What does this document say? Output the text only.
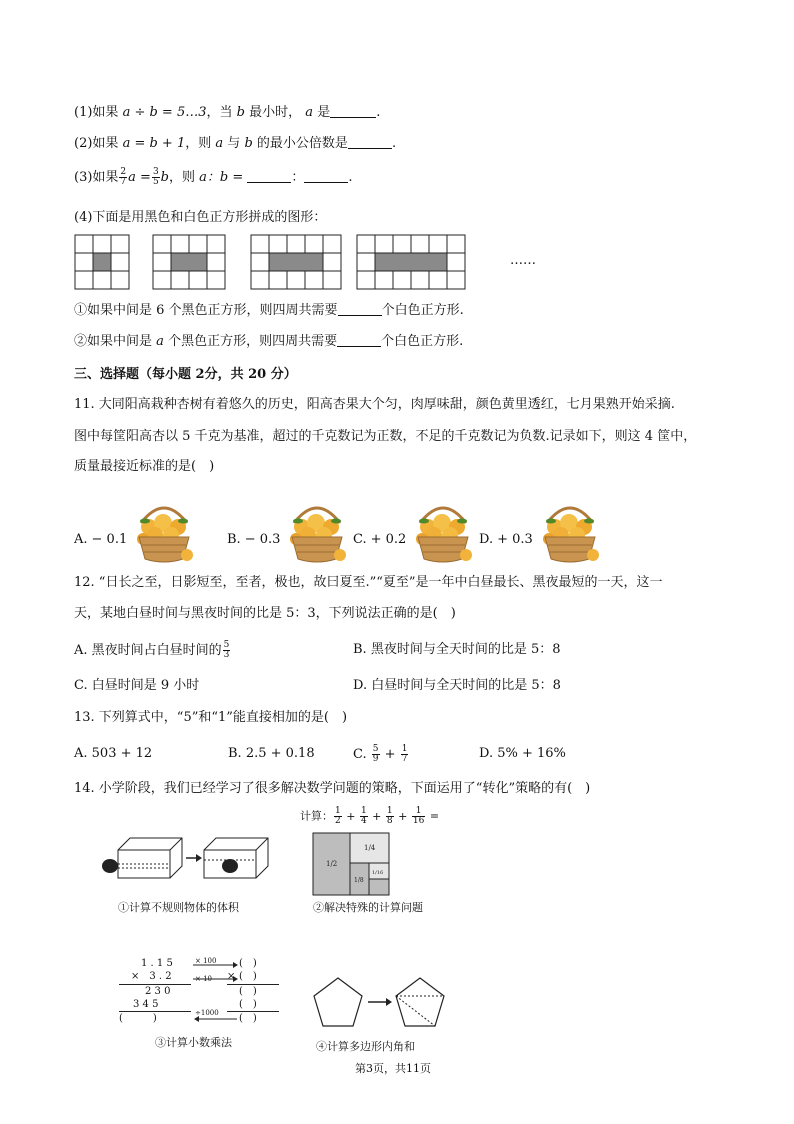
(1)如果 a ÷ b = 5…3，当 b 最小时， a 是	.
(2)如果 a = b + 1，则 a 与 b 的最小公倍数是	.
(3)如果 $\frac{2}{7}$ $a = \frac{3}{5}$ b，则 a：b =	：	.
(4)下面是用黑色和白色正方形拼成的图形：
……
①如果中间是 6 个黑色正方形，则四周共需要	个白色正方形.
②如果中间是 a 个黑色正方形，则四周共需要	个白色正方形.
三、选择题（每小题 2分，共 20 分）
11. 大同阳高栽种杏树有着悠久的历史，阳高杏果大个匀，肉厚味甜，颜色黄里透红，七月果熟开始采摘.
图中每筐阳高杏以 5 千克为基准，超过的千克数记为正数，不足的千克数记为负数.记录如下，则这 4 筐中，
质量最接近标准的是(　)
A. − 0.1	B. − 0.3	C. + 0.2	D. + 0.3
12. “日长之至，日影短至，至者，极也，故曰夏至.”“夏至”是一年中白昼最长、黑夜最短的一天，这一
天，某地白昼时间与黑夜时间的比是 5：3，下列说法正确的是(　)
A. 黑夜时间占白昼时间的 $\frac{5}{3}$	B. 黑夜时间与全天时间的比是 5：8
C. 白昼时间是 9 小时	D. 白昼时间与全天时间的比是 5：8
13. 下列算式中，“5”和“1”能直接相加的是(　)
A. 503 + 12	B. 2.5 + 0.18	C. $\frac{5}{9} + \frac{1}{7}$	D. 5% + 16%
14. 小学阶段，我们已经学习了很多解决数学问题的策略，下面运用了“转化”策略的有(　)
计算： $\frac{1}{2} + \frac{1}{4} + \frac{1}{8} + \frac{1}{16}$ =
①计算不规则物体的体积
1/2
1/4
1/8
1/16
②解决特殊的计算问题
1 . 1 5
×　3 . 2
2 3 0
3 4 5
(　　　)
× 100
× 10
÷1000
(　)
× (　)
(　)
(　)
(　)
③计算小数乘法	④计算多边形内角和
第3页，共11页
